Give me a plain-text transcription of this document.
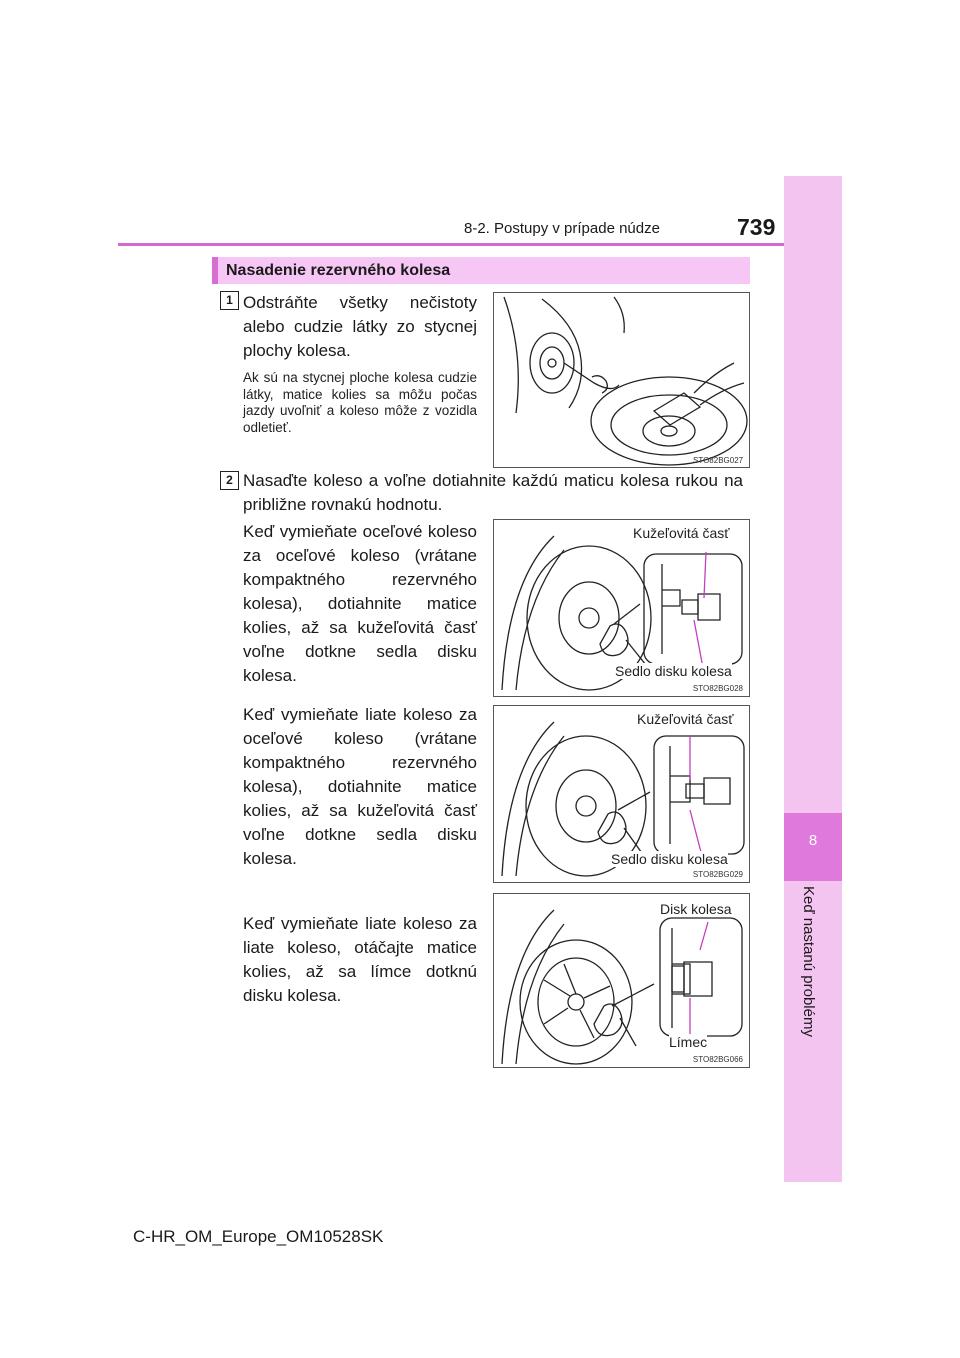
8
Keď nastanú problémy
8-2. Postupy v prípade núdze	739
Nasadenie rezervného kolesa
1 Odstráňte všetky nečistoty alebo cudzie látky zo stycnej plochy kolesa.
Ak sú na stycnej ploche kolesa cudzie látky, matice kolies sa môžu počas jazdy uvoľniť a koleso môže z vozidla odletieť.
STO82BG027
2 Nasaďte koleso a voľne dotiahnite každú maticu kolesa rukou na približne rovnakú hodnotu.
Keď vymieňate oceľové koleso za oceľové koleso (vrátane kompaktného rezervného kolesa), dotiahnite matice kolies, až sa kužeľovitá časť voľne dotkne sedla disku kolesa.
Kužeľovitá časť
Sedlo disku kolesa
STO82BG028
Keď vymieňate liate koleso za oceľové koleso (vrátane kompaktného rezervného kolesa), dotiahnite matice kolies, až sa kužeľovitá časť voľne dotkne sedla disku kolesa.
Kužeľovitá časť
Sedlo disku kolesa
STO82BG029
Keď vymieňate liate koleso za liate koleso, otáčajte matice kolies, až sa límce dotknú disku kolesa.
Disk kolesa
Límec
STO82BG066
C-HR_OM_Europe_OM10528SK
